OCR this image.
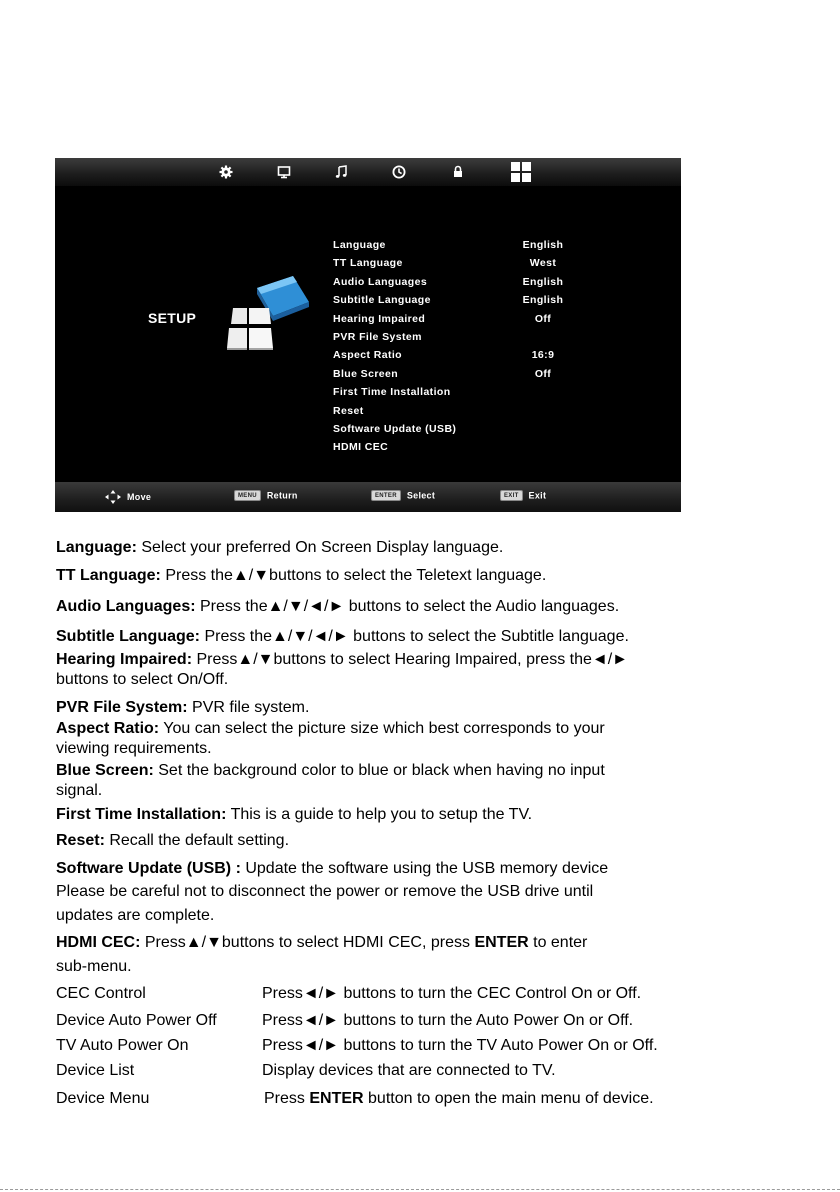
SETUP
Language	English
TT Language	West
Audio Languages	English
Subtitle Language	English
Hearing Impaired	Off
PVR File System
Aspect Ratio	16:9
Blue Screen	Off
First Time Installation
Reset
Software Update (USB)
HDMI CEC
Move	MENU Return	ENTER Select	EXIT Exit
Language: Select your preferred On Screen Display language.
TT Language: Press the▲/▼buttons to select the Teletext language.
Audio Languages: Press the▲/▼/◄/► buttons to select the Audio languages.
Subtitle Language: Press the▲/▼/◄/► buttons to select the Subtitle language.
Hearing Impaired: Press▲/▼buttons to select Hearing Impaired, press the◄/►
buttons to select On/Off.
PVR File System: PVR file system.
Aspect Ratio: You can select the picture size which best corresponds to your
viewing requirements.
Blue Screen: Set the background color to blue or black when having no input
signal.
First Time Installation: This is a guide to help you to setup the TV.
Reset: Recall the default setting.
Software Update (USB) : Update the software using the USB memory device
Please be careful not to disconnect the power or remove the USB drive until
updates are complete.
HDMI CEC: Press▲/▼buttons to select HDMI CEC, press ENTER to enter
sub-menu.
CEC Control	Press◄/► buttons to turn the CEC Control On or Off.
Device Auto Power Off	Press◄/► buttons to turn the Auto Power On or Off.
TV Auto Power On	Press◄/► buttons to turn the TV Auto Power On or Off.
Device List	Display devices that are connected to TV.
Device Menu	Press ENTER button to open the main menu of device.
